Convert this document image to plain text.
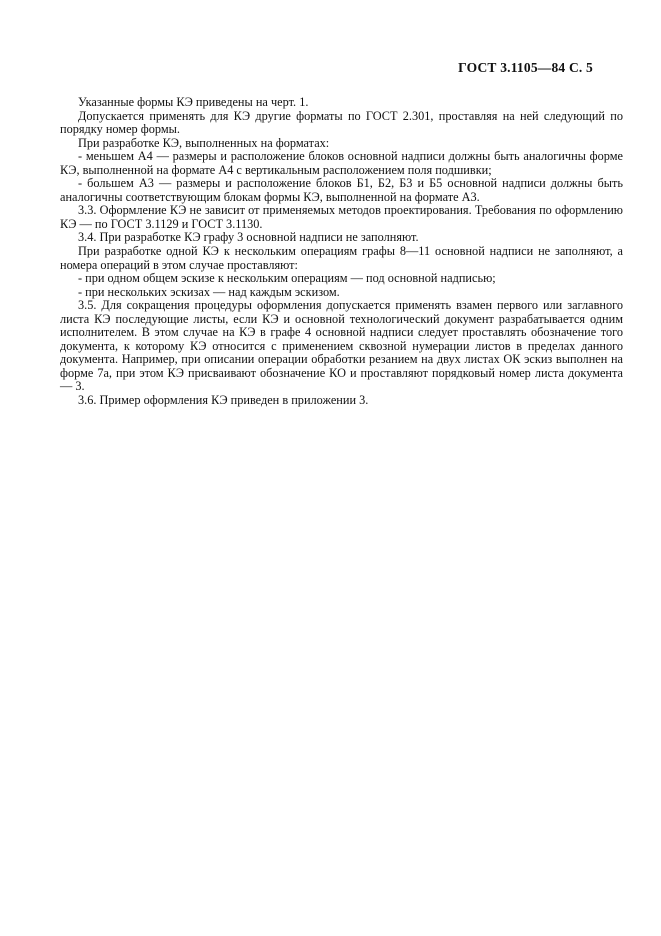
ГОСТ 3.1105—84 С. 5

Указанные формы КЭ приведены на черт. 1.

Допускается применять для КЭ другие форматы по ГОСТ 2.301, проставляя на ней следующий по порядку номер формы.

При разработке КЭ, выполненных на форматах:

- меньшем А4 — размеры и расположение блоков основной надписи должны быть аналогичны форме КЭ, выполненной на формате А4 с вертикальным расположением поля подшивки;

- большем А3 — размеры и расположение блоков Б1, Б2, Б3 и Б5 основной надписи должны быть аналогичны соответствующим блокам формы КЭ, выполненной на формате А3.

3.3. Оформление КЭ не зависит от применяемых методов проектирования. Требования по оформлению КЭ — по ГОСТ 3.1129 и ГОСТ 3.1130.

3.4. При разработке КЭ графу 3 основной надписи не заполняют.

При разработке одной КЭ к нескольким операциям графы 8—11 основной надписи не заполняют, а номера операций в этом случае проставляют:

- при одном общем эскизе к нескольким операциям — под основной надписью;

- при нескольких эскизах — над каждым эскизом.

3.5. Для сокращения процедуры оформления допускается применять взамен первого или заглавного листа КЭ последующие листы, если КЭ и основной технологический документ разрабатывается одним исполнителем. В этом случае на КЭ в графе 4 основной надписи следует проставлять обозначение того документа, к которому КЭ относится с применением сквозной нумерации листов в пределах данного документа. Например, при описании операции обработки резанием на двух листах ОК эскиз выполнен на форме 7а, при этом КЭ присваивают обозначение КО и проставляют порядковый номер листа документа — 3.

3.6. Пример оформления КЭ приведен в приложении 3.
